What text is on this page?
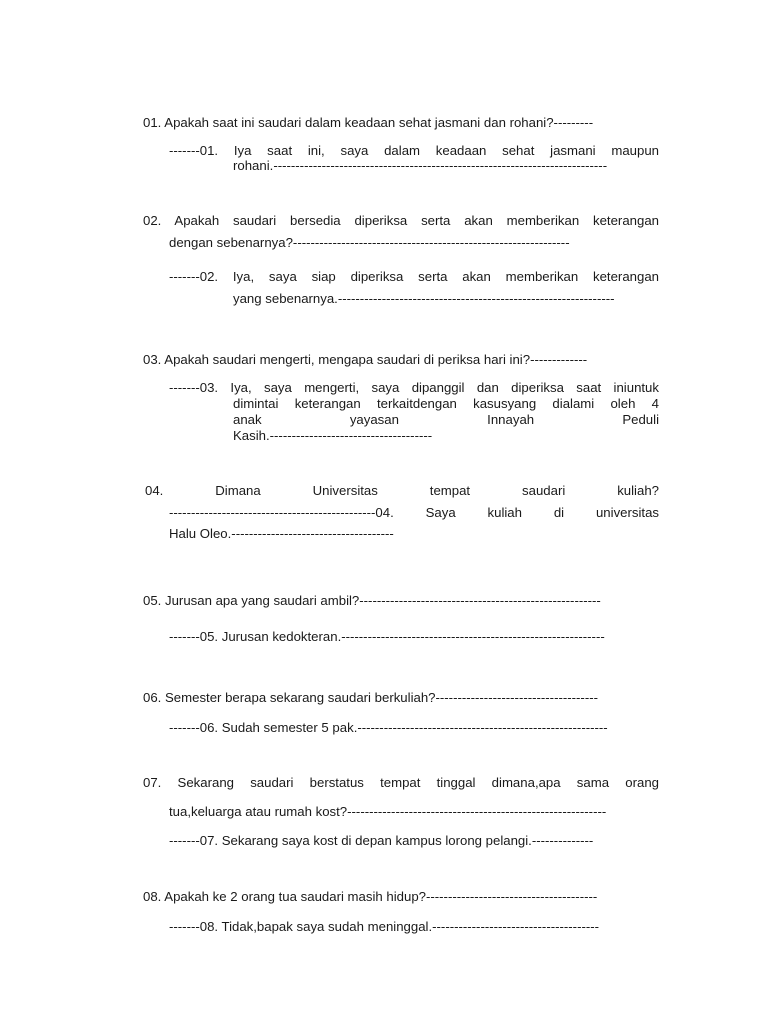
01. Apakah saat ini saudari dalam keadaan sehat jasmani dan rohani?---------
-------01. Iya saat ini, saya dalam keadaan sehat jasmani maupun
rohani.----------------------------------------------------------------------------
02. Apakah saudari bersedia diperiksa serta akan memberikan keterangan
dengan sebenarnya?---------------------------------------------------------------
-------02. Iya, saya siap diperiksa serta akan memberikan keterangan
yang sebenarnya.---------------------------------------------------------------
03. Apakah saudari mengerti, mengapa saudari di periksa hari ini?-------------
-------03. Iya, saya mengerti, saya dipanggil dan diperiksa saat iniuntuk
dimintai keterangan terkaitdengan kasusyang dialami oleh 4
anak yayasan Innayah Peduli
Kasih.-------------------------------------
04. Dimana Universitas tempat saudari kuliah?
-----------------------------------------------04. Saya kuliah di universitas
Halu Oleo.-------------------------------------
05. Jurusan apa yang saudari ambil?-------------------------------------------------------
-------05. Jurusan kedokteran.------------------------------------------------------------
06. Semester berapa sekarang saudari berkuliah?-------------------------------------
-------06. Sudah semester 5 pak.---------------------------------------------------------
07. Sekarang saudari berstatus tempat tinggal dimana,apa sama orang
tua,keluarga atau rumah kost?-----------------------------------------------------------
-------07. Sekarang saya kost di depan kampus lorong pelangi.--------------
08. Apakah ke 2 orang tua saudari masih hidup?---------------------------------------
-------08. Tidak,bapak saya sudah meninggal.--------------------------------------
